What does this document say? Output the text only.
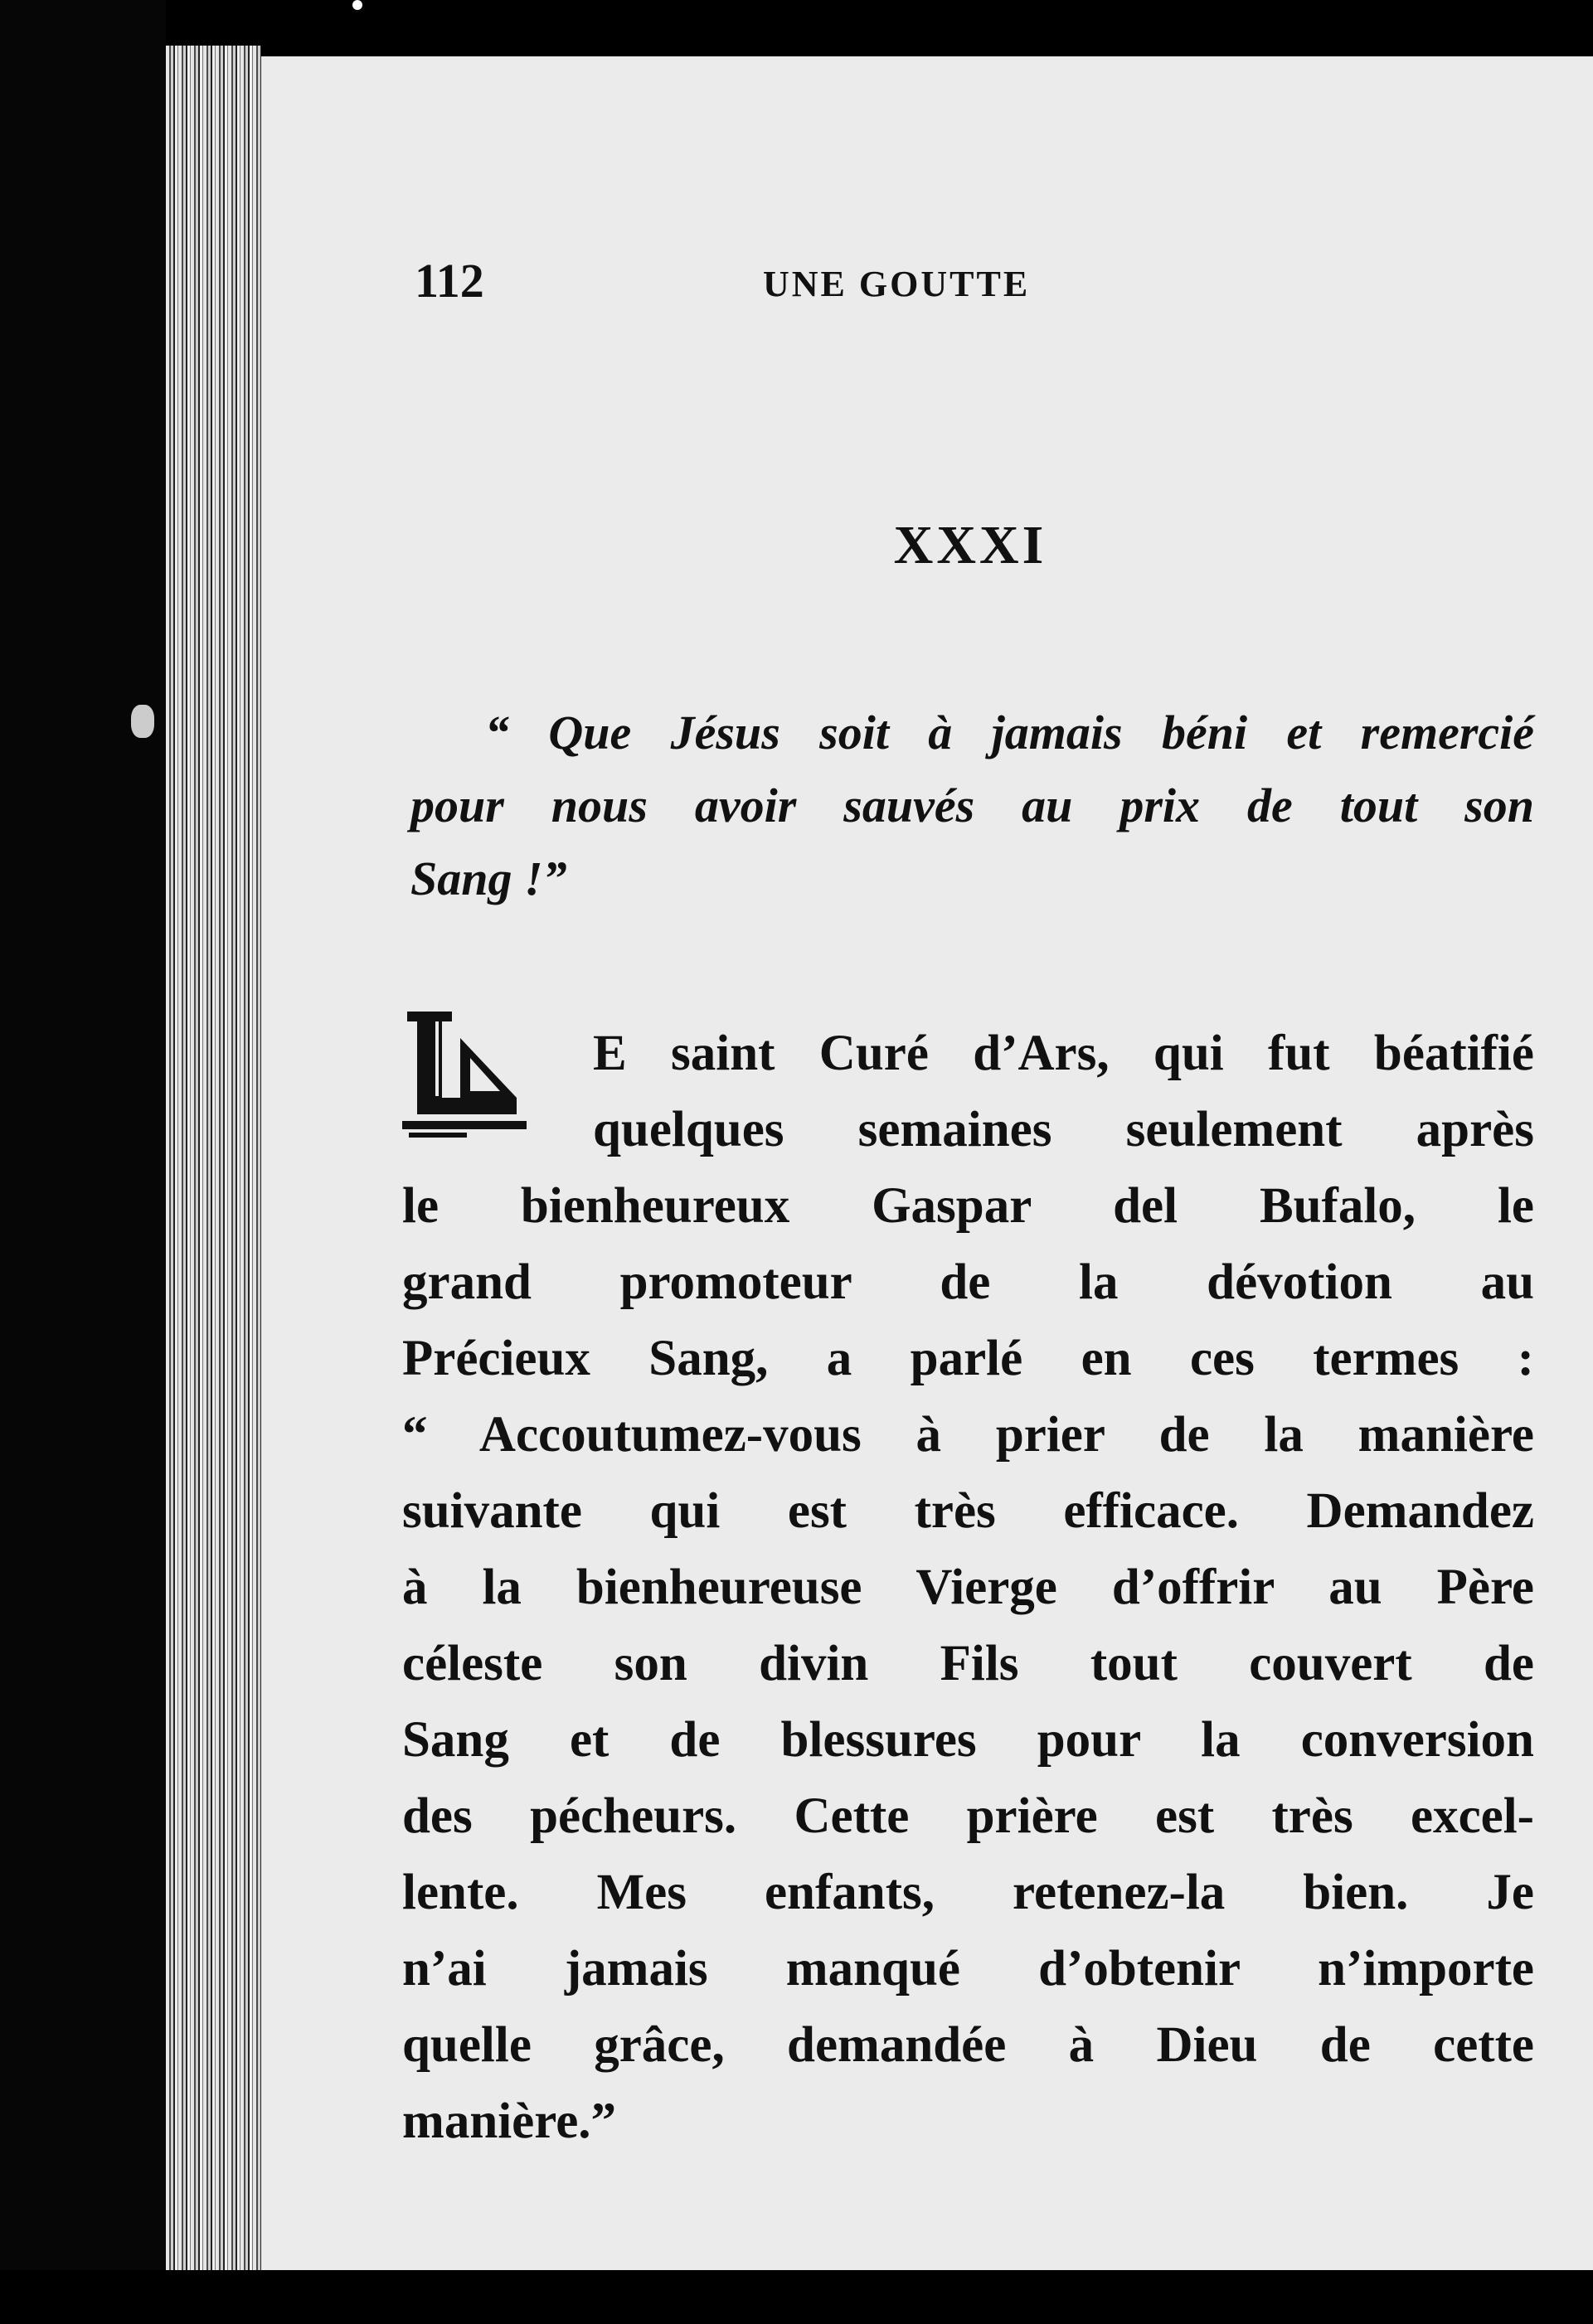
112	UNE GOUTTE
XXXI
“ Que Jésus soit à jamais béni et remercié
pour nous avoir sauvés au prix de tout son
Sang !”
E saint Curé d’Ars, qui fut béatifié
quelques semaines seulement après
le bienheureux Gaspar del Bufalo, le
grand promoteur de la dévotion au
Précieux Sang, a parlé en ces termes :
“ Accoutumez-vous à prier de la manière
suivante qui est très efficace. Demandez
à la bienheureuse Vierge d’offrir au Père
céleste son divin Fils tout couvert de
Sang et de blessures pour la conversion
des pécheurs. Cette prière est très excel-
lente. Mes enfants, retenez-la bien. Je
n’ai jamais manqué d’obtenir n’importe
quelle grâce, demandée à Dieu de cette
manière.”
